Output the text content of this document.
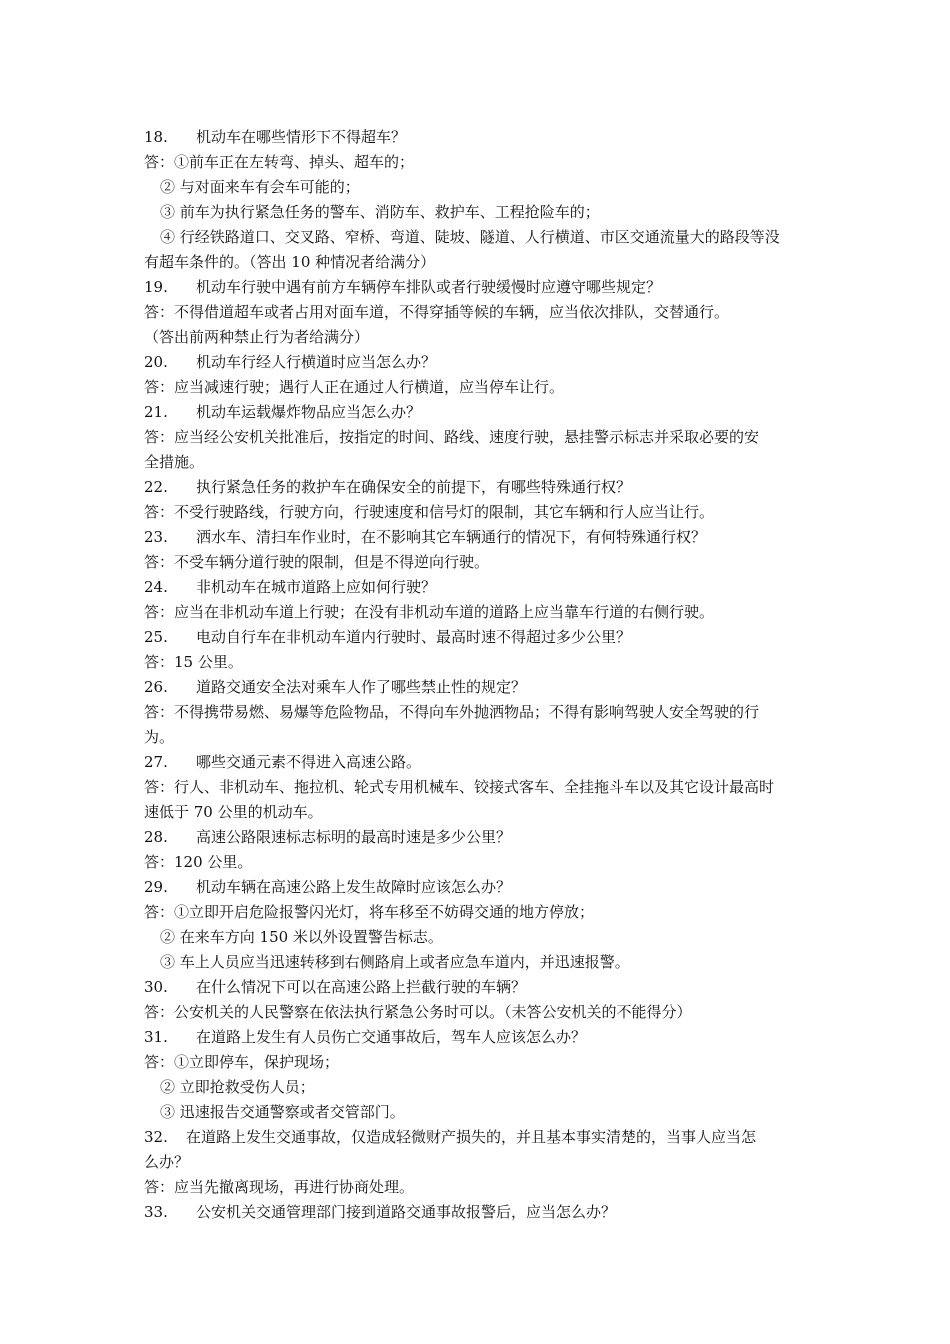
18. 机动车在哪些情形下不得超车？

答：①前车正在左转弯、掉头、超车的；

② 与对面来车有会车可能的；

③ 前车为执行紧急任务的警车、消防车、救护车、工程抢险车的；

④ 行经铁路道口、交叉路、窄桥、弯道、陡坡、隧道、人行横道、市区交通流量大的路段等没

有超车条件的。（答出 10 种情况者给满分）

19. 机动车行驶中遇有前方车辆停车排队或者行驶缓慢时应遵守哪些规定？

答：不得借道超车或者占用对面车道，不得穿插等候的车辆，应当依次排队，交替通行。

（答出前两种禁止行为者给满分）

20. 机动车行经人行横道时应当怎么办？

答：应当减速行驶；遇行人正在通过人行横道，应当停车让行。

21. 机动车运载爆炸物品应当怎么办？

答：应当经公安机关批准后，按指定的时间、路线、速度行驶，悬挂警示标志并采取必要的安

全措施。

22. 执行紧急任务的救护车在确保安全的前提下，有哪些特殊通行权？

答：不受行驶路线，行驶方向，行驶速度和信号灯的限制，其它车辆和行人应当让行。

23. 洒水车、清扫车作业时，在不影响其它车辆通行的情况下，有何特殊通行权？

答：不受车辆分道行驶的限制，但是不得逆向行驶。

24. 非机动车在城市道路上应如何行驶？

答：应当在非机动车道上行驶；在没有非机动车道的道路上应当靠车行道的右侧行驶。

25. 电动自行车在非机动车道内行驶时、最高时速不得超过多少公里？

答：15 公里。

26. 道路交通安全法对乘车人作了哪些禁止性的规定？

答：不得携带易燃、易爆等危险物品，不得向车外抛洒物品；不得有影响驾驶人安全驾驶的行

为。

27. 哪些交通元素不得进入高速公路。

答：行人、非机动车、拖拉机、轮式专用机械车、铰接式客车、全挂拖斗车以及其它设计最高时

速低于 70 公里的机动车。

28. 高速公路限速标志标明的最高时速是多少公里？

答：120 公里。

29. 机动车辆在高速公路上发生故障时应该怎么办？

答：①立即开启危险报警闪光灯，将车移至不妨碍交通的地方停放；

② 在来车方向 150 米以外设置警告标志。

③ 车上人员应当迅速转移到右侧路肩上或者应急车道内，并迅速报警。

30. 在什么情况下可以在高速公路上拦截行驶的车辆？

答：公安机关的人民警察在依法执行紧急公务时可以。（未答公安机关的不能得分）

31. 在道路上发生有人员伤亡交通事故后，驾车人应该怎么办？

答：①立即停车，保护现场；

② 立即抢救受伤人员；

③ 迅速报告交通警察或者交管部门。

32. 在道路上发生交通事故，仅造成轻微财产损失的，并且基本事实清楚的，当事人应当怎

么办？

答：应当先撤离现场，再进行协商处理。

33. 公安机关交通管理部门接到道路交通事故报警后，应当怎么办？
